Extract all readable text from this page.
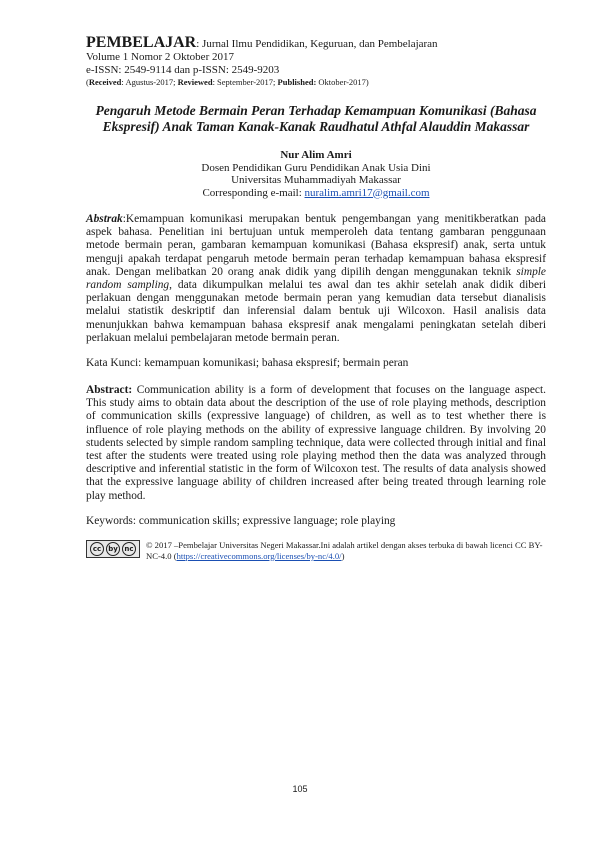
PEMBELAJAR: Jurnal Ilmu Pendidikan, Keguruan, dan Pembelajaran
Volume 1 Nomor 2 Oktober 2017
e-ISSN: 2549-9114 dan p-ISSN: 2549-9203
(Received: Agustus-2017; Reviewed: September-2017; Published: Oktober-2017)
Pengaruh Metode Bermain Peran Terhadap Kemampuan Komunikasi (Bahasa Ekspresif) Anak Taman Kanak-Kanak Raudhatul Athfal Alauddin Makassar
Nur Alim Amri
Dosen Pendidikan Guru Pendidikan Anak Usia Dini
Universitas Muhammadiyah Makassar
Corresponding e-mail: nuralim.amri17@gmail.com
Abstrak:Kemampuan komunikasi merupakan bentuk pengembangan yang menitikberatkan pada aspek bahasa. Penelitian ini bertujuan untuk memperoleh data tentang gambaran penggunaan metode bermain peran, gambaran kemampuan komunikasi (Bahasa ekspresif) anak, serta untuk menguji apakah terdapat pengaruh metode bermain peran terhadap kemampuan bahasa ekspresif anak. Dengan melibatkan 20 orang anak didik yang dipilih dengan menggunakan teknik simple random sampling, data dikumpulkan melalui tes awal dan tes akhir setelah anak didik diberi perlakuan dengan menggunakan metode bermain peran yang kemudian data tersebut dianalisis melalui statistik deskriptif dan inferensial dalam bentuk uji Wilcoxon. Hasil analisis data menunjukkan bahwa kemampuan bahasa ekspresif anak mengalami peningkatan setelah diberi perlakuan melalui pembelajaran metode bermain peran.
Kata Kunci: kemampuan komunikasi; bahasa ekspresif; bermain peran
Abstract: Communication ability is a form of development that focuses on the language aspect. This study aims to obtain data about the description of the use of role playing methods, description of communication skills (expressive language) of children, as well as to test whether there is influence of role playing methods on the ability of expressive language children. By involving 20 students selected by simple random sampling technique, data were collected through initial and final test after the students were treated using role playing method then the data was analyzed through descriptive and inferential statistic in the form of Wilcoxon test. The results of data analysis showed that the expressive language ability of children increased after being treated through learning role play method.
Keywords: communication skills; expressive language; role playing
cc	by nc © 2017 –Pembelajar Universitas Negeri Makassar.Ini adalah artikel dengan akses terbuka di bawah licenci CC BY-NC-4.0 (https://creativecommons.org/licenses/by-nc/4.0/)
105
